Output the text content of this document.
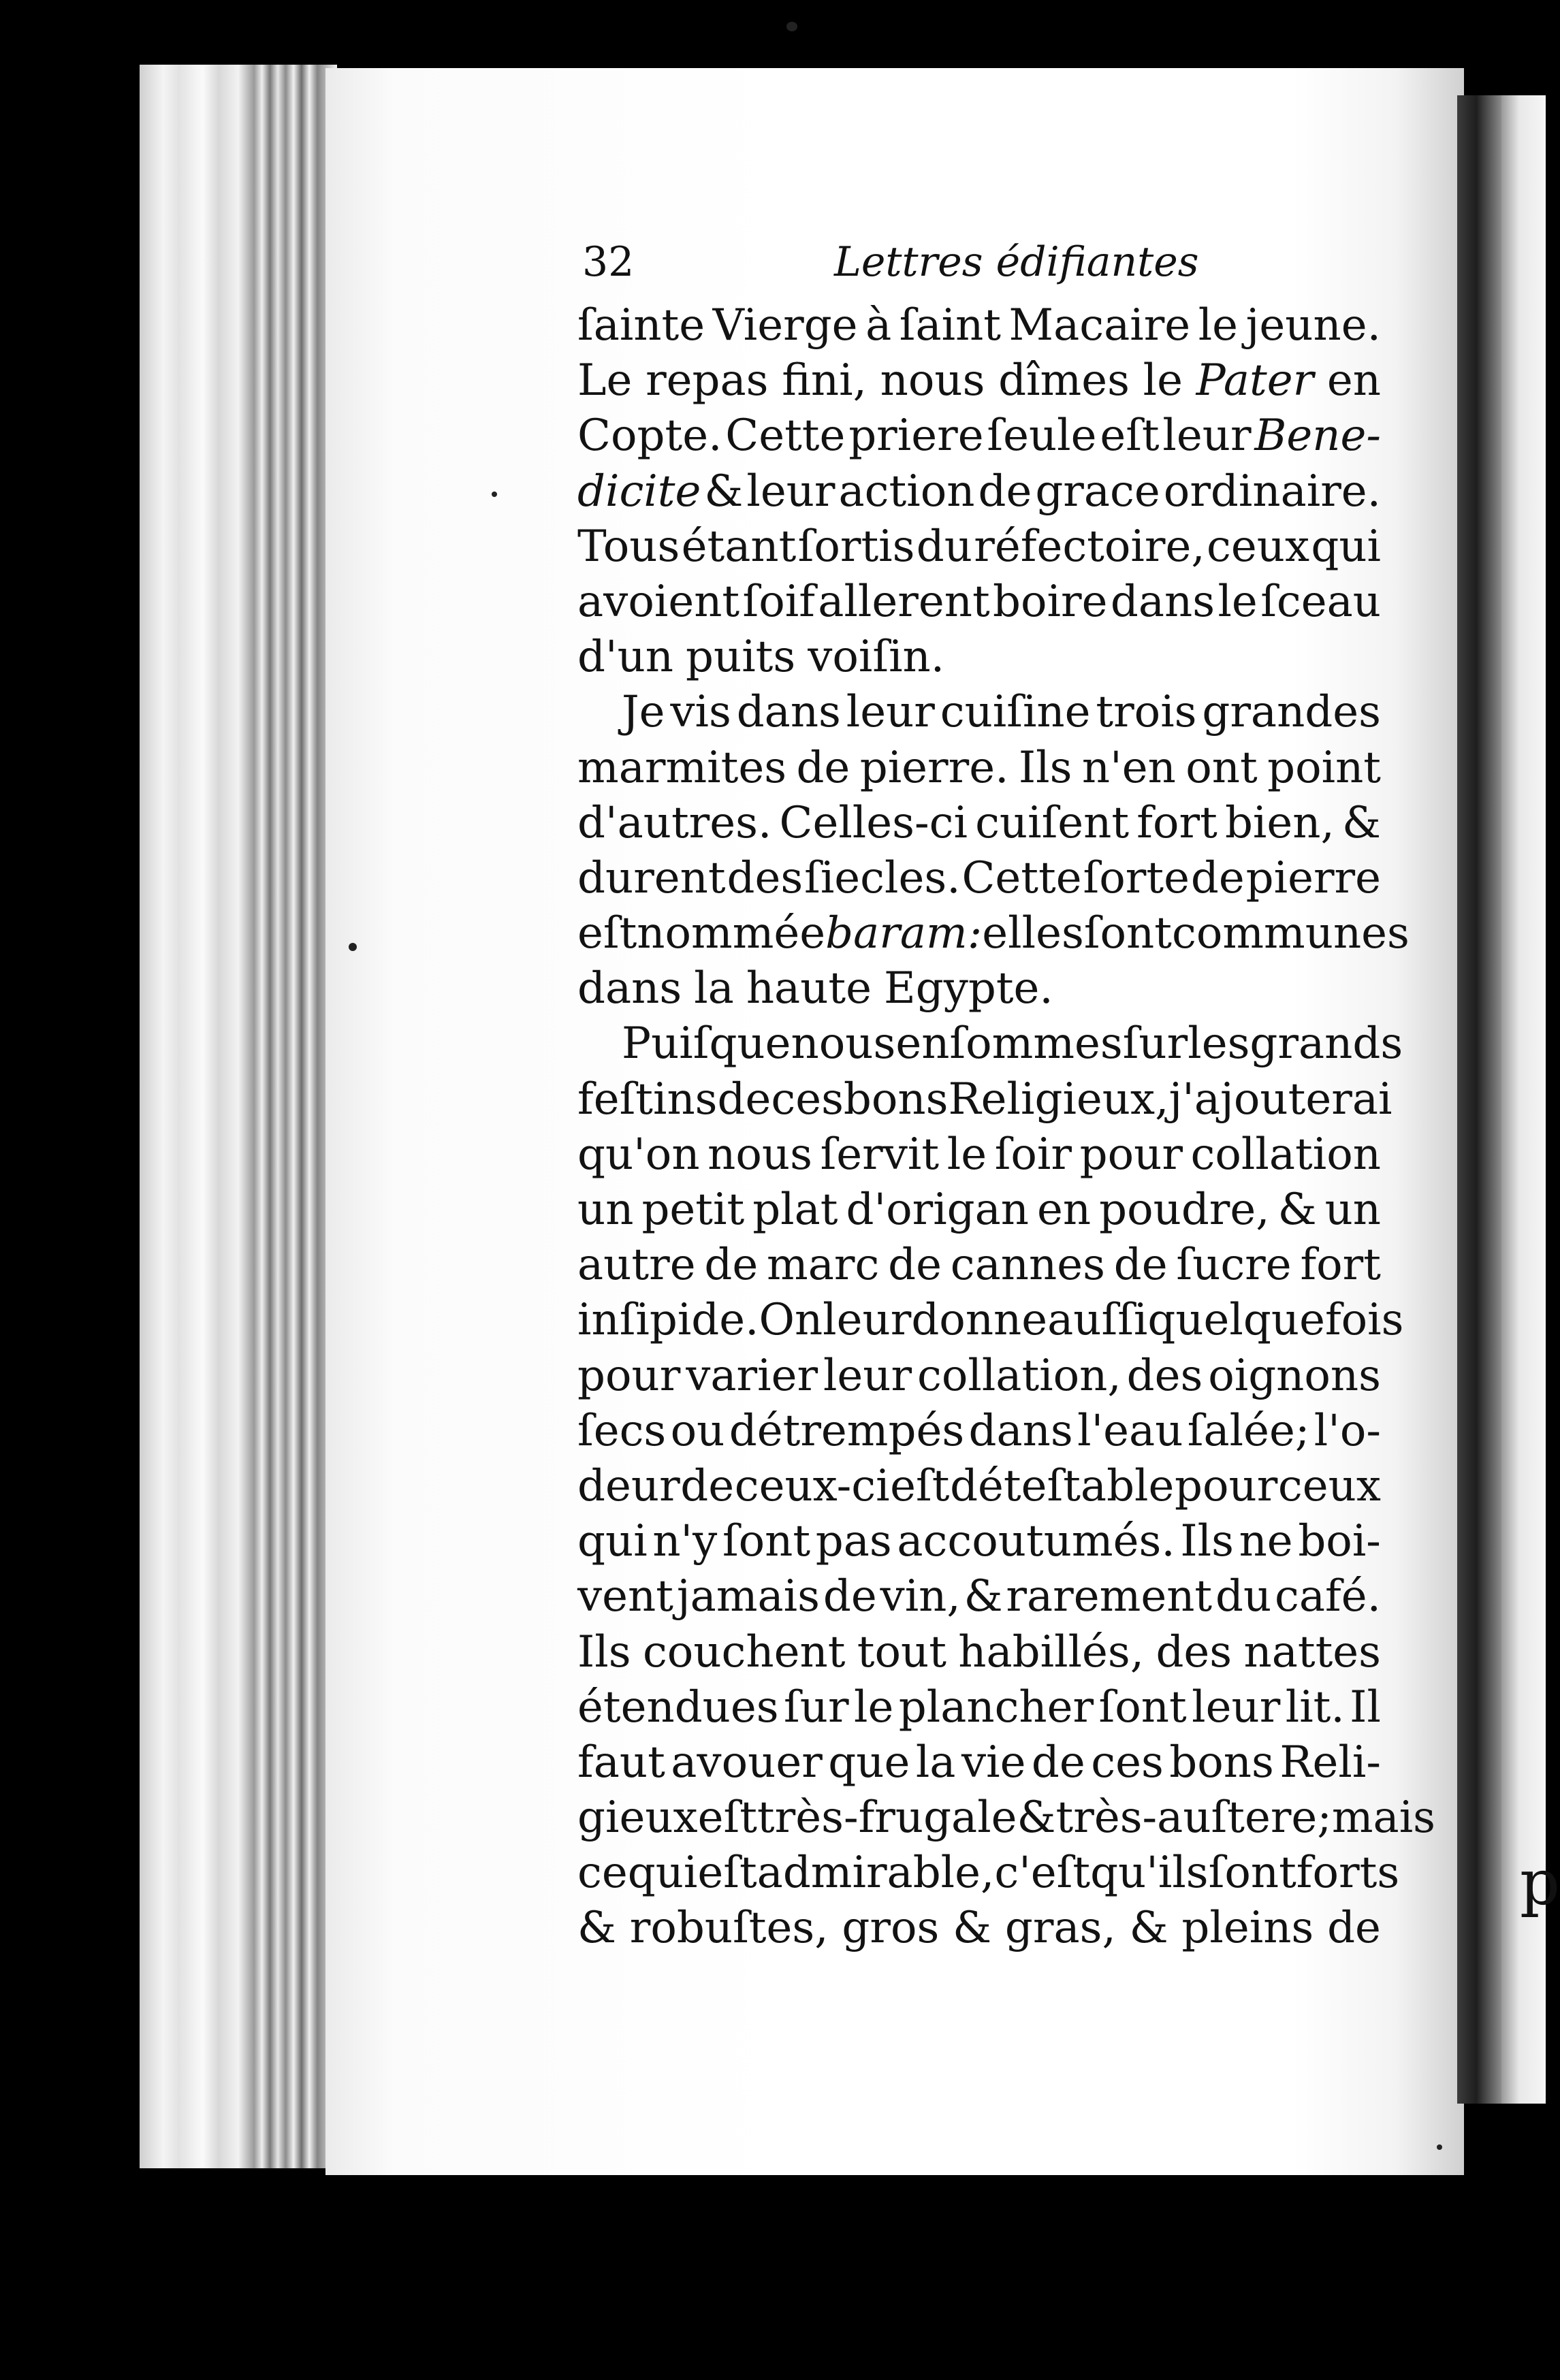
p
32	Lettres édifiantes
ſainte Vierge à ſaint Macaire le jeune.
Le repas fini, nous dîmes le Pater en
Copte. Cette priere ſeule eſt leur Bene-
dicite & leur action de grace ordinaire.
Tous étant ſortis du réfectoire, ceux qui
avoient ſoif allerent boire dans le ſceau
d'un puits voiſin.
Je vis dans leur cuiſine trois grandes
marmites de pierre. Ils n'en ont point
d'autres. Celles-ci cuiſent fort bien, &
durent des ſiecles. Cette ſorte de pierre
eſt nommée baram: elles ſont communes
dans la haute Egypte.
Puiſque nous en ſommes ſur les grands
feſtins de ces bons Religieux, j'ajouterai
qu'on nous ſervit le ſoir pour collation
un petit plat d'origan en poudre, & un
autre de marc de cannes de ſucre fort
inſipide. On leur donne auſſi quelquefois
pour varier leur collation, des oignons
ſecs ou détrempés dans l'eau ſalée; l'o-
deur de ceux-ci eſt déteſtable pour ceux
qui n'y ſont pas accoutumés. Ils ne boi-
vent jamais de vin, & rarement du café.
Ils couchent tout habillés, des nattes
étendues ſur le plancher ſont leur lit. Il
faut avouer que la vie de ces bons Reli-
gieux eſt très-frugale & très-auſtere; mais
ce qui eſt admirable, c'eſt qu'ils ſont forts
& robuſtes, gros & gras, & pleins de
